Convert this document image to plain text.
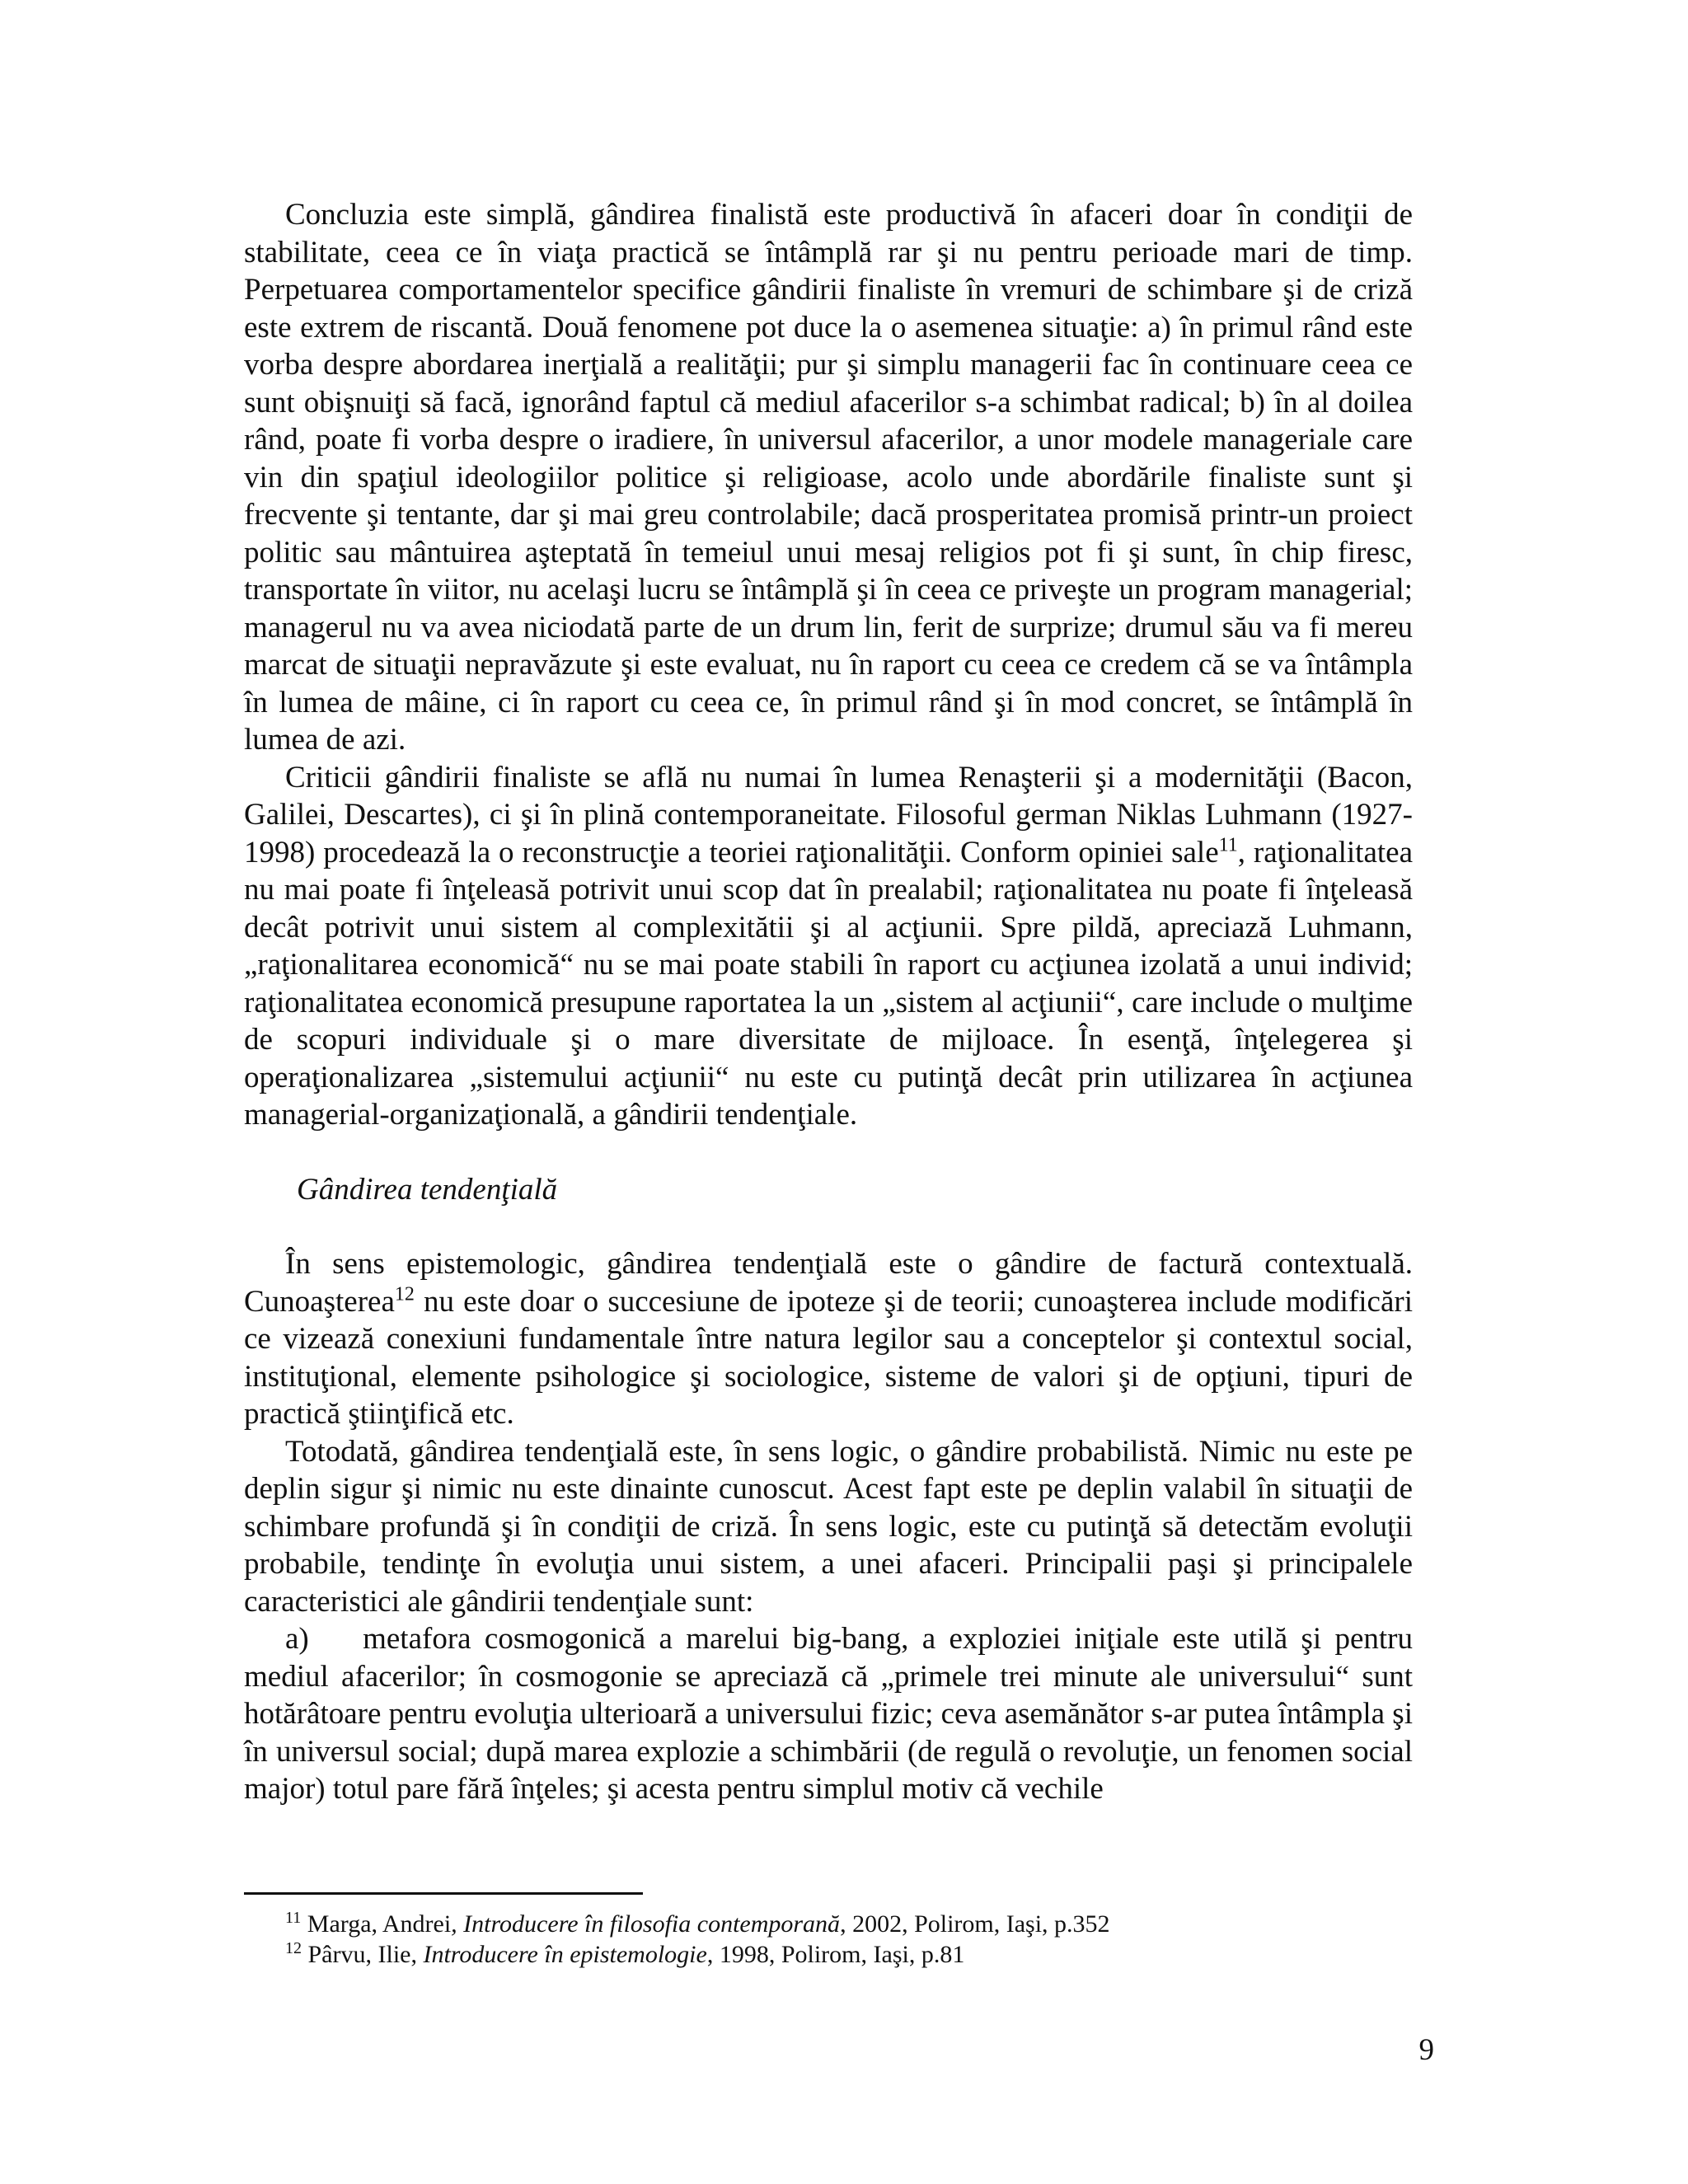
Concluzia este simplă, gândirea finalistă este productivă în afaceri doar în condiţii de stabilitate, ceea ce în viaţa practică se întâmplă rar şi nu pentru perioade mari de timp. Perpetuarea comportamentelor specifice gândirii finaliste în vremuri de schimbare şi de criză este extrem de riscantă. Două fenomene pot duce la o asemenea situaţie: a) în primul rând este vorba despre abordarea inerţială a realităţii; pur şi simplu managerii fac în continuare ceea ce sunt obişnuiţi să facă, ignorând faptul că mediul afacerilor s-a schimbat radical; b) în al doilea rând, poate fi vorba despre o iradiere, în universul afacerilor, a unor modele manageriale care vin din spaţiul ideologiilor politice şi religioase, acolo unde abordările finaliste sunt şi frecvente şi tentante, dar şi mai greu controlabile; dacă prosperitatea promisă printr-un proiect politic sau mântuirea aşteptată în temeiul unui mesaj religios pot fi şi sunt, în chip firesc, transportate în viitor, nu acelaşi lucru se întâmplă şi în ceea ce priveşte un program managerial; managerul nu va avea niciodată parte de un drum lin, ferit de surprize; drumul său va fi mereu marcat de situaţii nepravăzute şi este evaluat, nu în raport cu ceea ce credem că se va întâmpla în lumea de mâine, ci în raport cu ceea ce, în primul rând şi în mod concret, se întâmplă în lumea de azi.

Criticii gândirii finaliste se află nu numai în lumea Renaşterii şi a modernităţii (Bacon, Galilei, Descartes), ci şi în plină contemporaneitate. Filosoful german Niklas Luhmann (1927-1998) procedează la o reconstrucţie a teoriei raţionalităţii. Conform opiniei sale$^{11}$, raţionalitatea nu mai poate fi înţeleasă potrivit unui scop dat în prealabil; raţionalitatea nu poate fi înţeleasă decât potrivit unui sistem al complexitătii şi al acţiunii. Spre pildă, apreciază Luhmann, „raţionalitarea economică“ nu se mai poate stabili în raport cu acţiunea izolată a unui individ; raţionalitatea economică presupune raportatea la un „sistem al acţiunii“, care include o mulţime de scopuri individuale şi o mare diversitate de mijloace. În esenţă, înţelegerea şi operaţionalizarea „sistemului acţiunii“ nu este cu putinţă decât prin utilizarea în acţiunea managerial-organizaţională, a gândirii tendenţiale.

Gândirea tendenţială

În sens epistemologic, gândirea tendenţială este o gândire de factură contextuală. Cunoaşterea$^{12}$ nu este doar o succesiune de ipoteze şi de teorii; cunoaşterea include modificări ce vizează conexiuni fundamentale între natura legilor sau a conceptelor şi contextul social, instituţional, elemente psihologice şi sociologice, sisteme de valori şi de opţiuni, tipuri de practică ştiinţifică etc.

Totodată, gândirea tendenţială este, în sens logic, o gândire probabilistă. Nimic nu este pe deplin sigur şi nimic nu este dinainte cunoscut. Acest fapt este pe deplin valabil în situaţii de schimbare profundă şi în condiţii de criză. În sens logic, este cu putinţă să detectăm evoluţii probabile, tendinţe în evoluţia unui sistem, a unei afaceri. Principalii paşi şi principalele caracteristici ale gândirii tendenţiale sunt:

a) metafora cosmogonică a marelui big-bang, a exploziei iniţiale este utilă şi pentru mediul afacerilor; în cosmogonie se apreciază că „primele trei minute ale universului“ sunt hotărâtoare pentru evoluţia ulterioară a universului fizic; ceva asemănător s-ar putea întâmpla şi în universul social; după marea explozie a schimbării (de regulă o revoluţie, un fenomen social major) totul pare fără înţeles; şi acesta pentru simplul motiv că vechile

$^{11}$ Marga, Andrei, Introducere în filosofia contemporană, 2002, Polirom, Iaşi, p.352

$^{12}$ Pârvu, Ilie, Introducere în epistemologie, 1998, Polirom, Iaşi, p.81

9
